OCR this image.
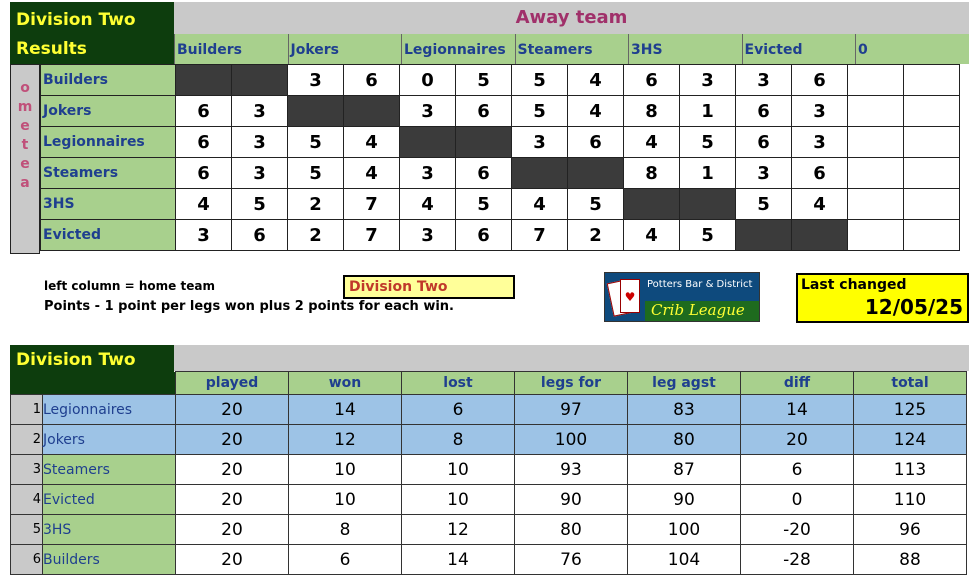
Division Two
Results
Away team
Builders	Jokers	Legionnaires Steamers	3HS	Evicted	0
o
m
e
t
e
a
Builders			3	6	0	5	5	4	6	3	3	6		
Jokers	6	3			3	6	5	4	8	1	6	3		
Legionnaires	6	3	5	4			3	6	4	5	6	3		
Steamers	6	3	5	4	3	6			8	1	3	6		
3HS	4	5	2	7	4	5	4	5			5	4		
Evicted	3	6	2	7	3	6	7	2	4	5				
left column = home team
Points - 1 point per legs won plus 2 points for each win.
Division Two
♥
Potters Bar & District
Crib League
Last changed
12/05/25
Division Two
		played	won	lost	legs for	leg agst	diff	total
1	Legionnaires	20	14	6	97	83	14	125
2	Jokers	20	12	8	100	80	20	124
3	Steamers	20	10	10	93	87	6	113
4	Evicted	20	10	10	90	90	0	110
5	3HS	20	8	12	80	100	-20	96
6	Builders	20	6	14	76	104	-28	88
